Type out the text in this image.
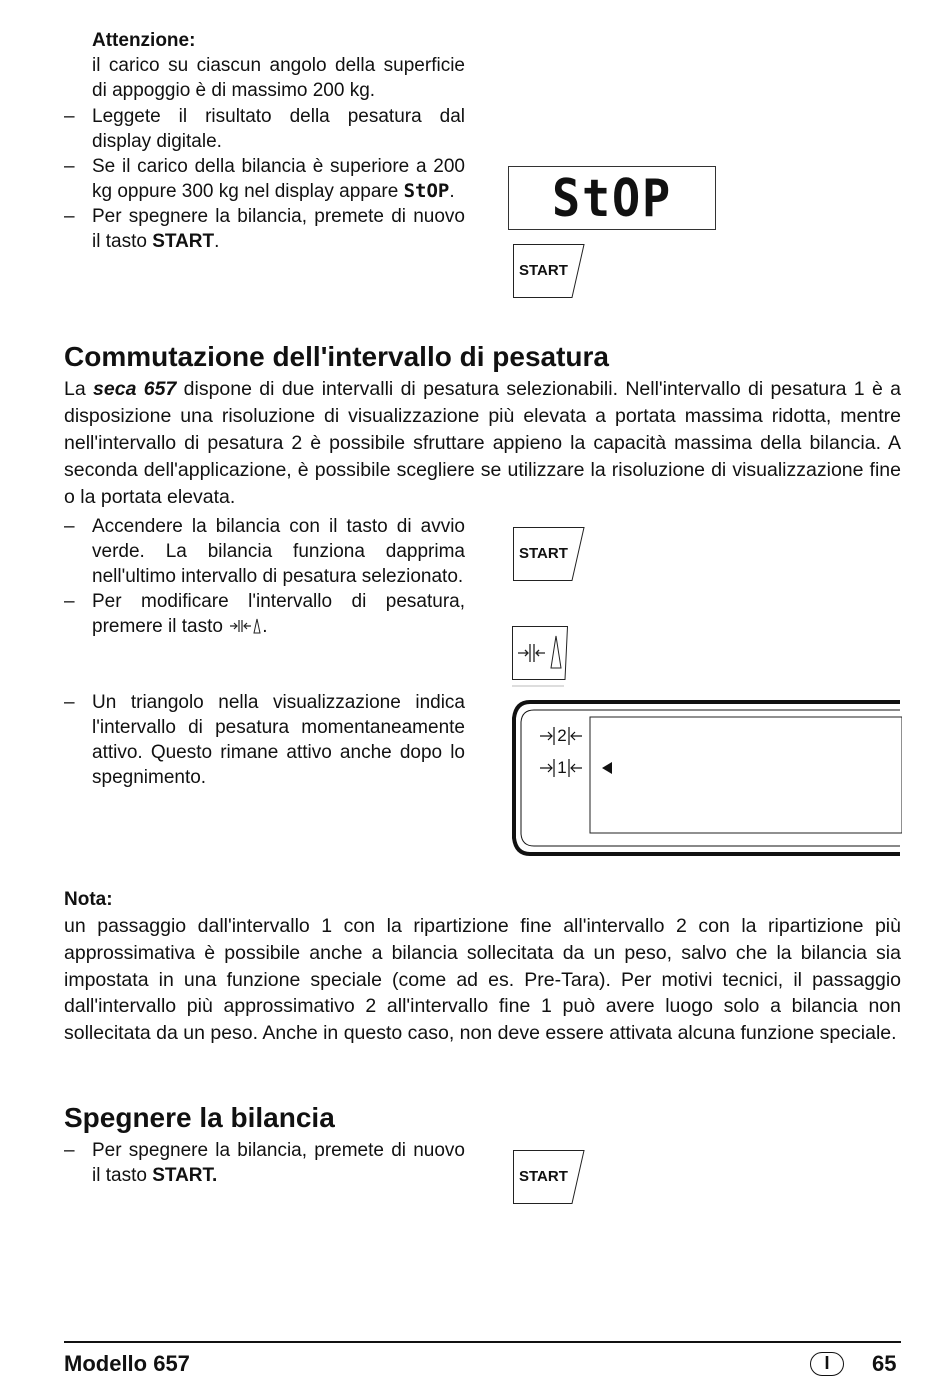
Attenzione:

il carico su ciascun angolo della superficie di appoggio è di massimo 200 kg.

– Leggete il risultato della pesatura dal display digitale.
– Se il carico della bilancia è superiore a 200 kg oppure 300 kg nel display appare StOP.
– Per spegnere la bilancia, premete di nuovo il tasto START.
StOP
START
Commutazione dell'intervallo di pesatura

La seca 657 dispone di due intervalli di pesatura selezionabili. Nell'intervallo di pesatura 1 è a disposizione una risoluzione di visualizzazione più elevata a portata massima ridotta, mentre nell'intervallo di pesatura 2 è possibile sfruttare appieno la capacità massima della bilancia. A seconda dell'applicazione, è possibile scegliere se utilizzare la risoluzione di visualizzazione fine o la portata elevata.

– Accendere la bilancia con il tasto di avvio verde. La bilancia funziona dapprima nell'ultimo intervallo di pesatura selezionato.
– Per modificare l'intervallo di pesatura, premere il tasto .
– Un triangolo nella visualizzazione indica l'intervallo di pesatura momentaneamente attivo. Questo rimane attivo anche dopo lo spegnimento.
START
2
1
Nota:

un passaggio dall'intervallo 1 con la ripartizione fine all'intervallo 2 con la ripartizione più approssimativa è possibile anche a bilancia sollecitata da un peso, salvo che la bilancia sia impostata in una funzione speciale (come ad es. Pre-Tara). Per motivi tecnici, il passaggio dall'intervallo più approssimativo 2 all'intervallo fine 1 può avere luogo solo a bilancia non sollecitata da un peso. Anche in questo caso, non deve essere attivata alcuna funzione speciale.

Spegnere la bilancia
– Per spegnere la bilancia, premete di nuovo il tasto START.	START
Modello 657	I	65
